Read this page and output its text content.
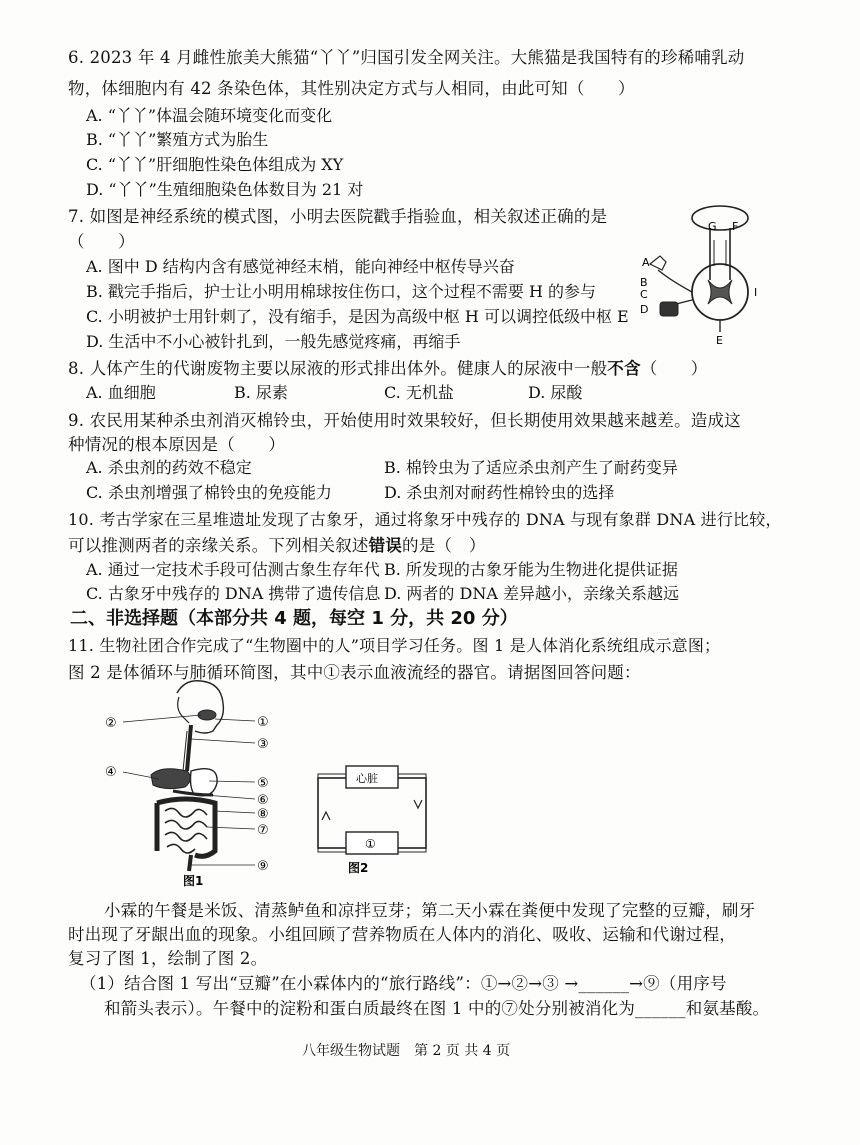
6. 2023 年 4 月雌性旅美大熊猫“丫丫”归国引发全网关注。大熊猫是我国特有的珍稀哺乳动
物，体细胞内有 42 条染色体，其性别决定方式与人相同，由此可知（　　）
A. “丫丫”体温会随环境变化而变化
B. “丫丫”繁殖方式为胎生
C. “丫丫”肝细胞性染色体组成为 XY
D. “丫丫”生殖细胞染色体数目为 21 对
7. 如图是神经系统的模式图，小明去医院戳手指验血，相关叙述正确的是
（　　）
A. 图中 D 结构内含有感觉神经末梢，能向神经中枢传导兴奋
B. 戳完手指后，护士让小明用棉球按住伤口，这个过程不需要 H 的参与
C. 小明被护士用针刺了，没有缩手，是因为高级中枢 H 可以调控低级中枢 E
D. 生活中不小心被针扎到，一般先感觉疼痛，再缩手
G F
A
B
C
D
I
E
8. 人体产生的代谢废物主要以尿液的形式排出体外。健康人的尿液中一般不含（　　）
A. 血细胞	B. 尿素	C. 无机盐	D. 尿酸
9. 农民用某种杀虫剂消灭棉铃虫，开始使用时效果较好，但长期使用效果越来越差。造成这
种情况的根本原因是（　　）
A. 杀虫剂的药效不稳定	B. 棉铃虫为了适应杀虫剂产生了耐药变异
C. 杀虫剂增强了棉铃虫的免疫能力	D. 杀虫剂对耐药性棉铃虫的选择
10. 考古学家在三星堆遗址发现了古象牙，通过将象牙中残存的 DNA 与现有象群 DNA 进行比较，
可以推测两者的亲缘关系。下列相关叙述错误的是（　）
A. 通过一定技术手段可估测古象生存年代 B. 所发现的古象牙能为生物进化提供证据
C. 古象牙中残存的 DNA 携带了遗传信息 D. 两者的 DNA 差异越小，亲缘关系越远
二、非选择题（本部分共 4 题，每空 1 分，共 20 分）
11. 生物社团合作完成了“生物圈中的人”项目学习任务。图 1 是人体消化系统组成示意图；
图 2 是体循环与肺循环简图，其中①表示血液流经的器官。请据图回答问题：
①
②
③
④
⑤
⑥
⑧
⑦
⑨
图1
心脏
①
图2
小霖的午餐是米饭、清蒸鲈鱼和凉拌豆芽；第二天小霖在粪便中发现了完整的豆瓣，刷牙
时出现了牙龈出血的现象。小组回顾了营养物质在人体内的消化、吸收、运输和代谢过程，
复习了图 1，绘制了图 2。
（1）结合图 1 写出“豆瓣”在小霖体内的“旅行路线”：①→②→③ →______→⑨（用序号
和箭头表示）。午餐中的淀粉和蛋白质最终在图 1 中的⑦处分别被消化为______和氨基酸。
八年级生物试题　第 2 页 共 4 页
